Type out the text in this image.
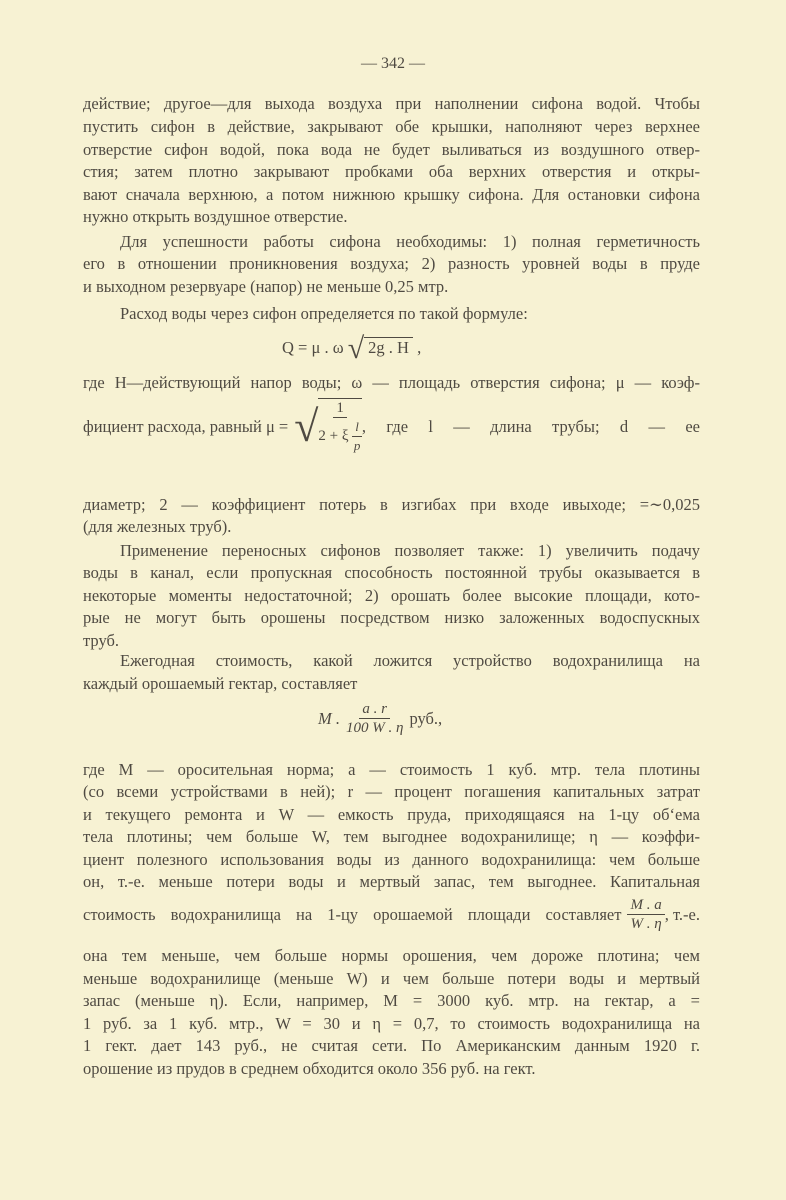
— 342 —
действие; другое—для выхода воздуха при наполнении сифона водой. Чтобы
пустить сифон в действие, закрывают обе крышки, наполняют через верхнее
отверстие сифон водой, пока вода не будет выливаться из воздушного отвер-
стия; затем плотно закрывают пробками оба верхних отверстия и откры-
вают сначала верхнюю, а потом нижнюю крышку сифона. Для остановки сифона
нужно открыть воздушное отверстие.
Для успешности работы сифона необходимы: 1) полная герметичность
его в отношении проникновения воздуха; 2) разность уровней воды в пруде
и выходном резервуаре (напор) не меньше 0,25 мтр.
Расход воды через сифон определяется по такой формуле:
Q = μ . ω √ 2g . H ,
где H—действующий напор воды; ω — площадь отверстия сифона; μ — коэф-
фициент расхода, равный μ = √ $\frac{1}{2 + \xi \frac{l}{p}}$ , где l — длина трубы; d — ее
диаметр; 2 — коэффициент потерь в изгибах при входе ивыходе; =∼0,025
(для железных труб).
Применение переносных сифонов позволяет также: 1) увеличить подачу
воды в канал, если пропускная способность постоянной трубы оказывается в
некоторые моменты недостаточной; 2) орошать более высокие площади, кото-
рые не могут быть орошены посредством низко заложенных водоспускных
труб.
Ежегодная стоимость, какой ложится устройство водохранилища на
каждый орошаемый гектар, составляет
M . $\frac{a . r}{100 W . \eta}$ руб.,
где M — оросительная норма; a — стоимость 1 куб. мтр. тела плотины
(со всеми устройствами в ней); r — процент погашения капитальных затрат
и текущего ремонта и W — емкость пруда, приходящаяся на 1-цу об‘ема
тела плотины; чем больше W, тем выгоднее водохранилище; η — коэффи-
циент полезного использования воды из данного водохранилища: чем больше
он, т.-е. меньше потери воды и мертвый запас, тем выгоднее. Капитальная
стоимость водохранилища на 1-цу орошаемой площади составляет $\frac{M . a}{W . \eta}$ , т.-е.
она тем меньше, чем больше нормы орошения, чем дороже плотина; чем
меньше водохранилище (меньше W) и чем больше потери воды и мертвый
запас (меньше η). Если, например, M = 3000 куб. мтр. на гектар, a =
1 руб. за 1 куб. мтр., W = 30 и η = 0,7, то стоимость водохранилища на
1 гект. дает 143 руб., не считая сети. По Американским данным 1920 г.
орошение из прудов в среднем обходится около 356 руб. на гект.
